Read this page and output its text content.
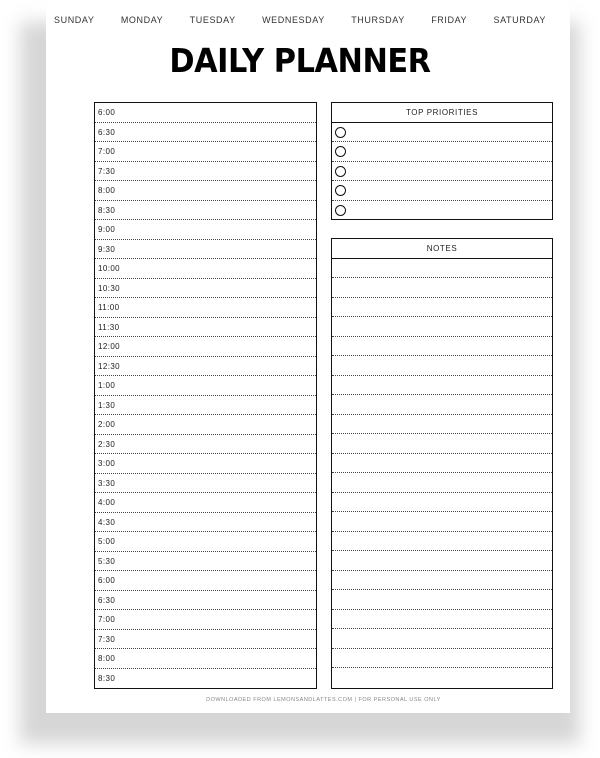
SUNDAY	MONDAY	TUESDAY	WEDNESDAY	THURSDAY	FRIDAY	SATURDAY
DAILY PLANNER
6:00
6:30
7:00
7:30
8:00
8:30
9:00
9:30
10:00
10:30
11:00
11:30
12:00
12:30
1:00
1:30
2:00
2:30
3:00
3:30
4:00
4:30
5:00
5:30
6:00
6:30
7:00
7:30
8:00
8:30
TOP PRIORITIES
NOTES
DOWNLOADED FROM LEMONSANDLATTES.COM | FOR PERSONAL USE ONLY
